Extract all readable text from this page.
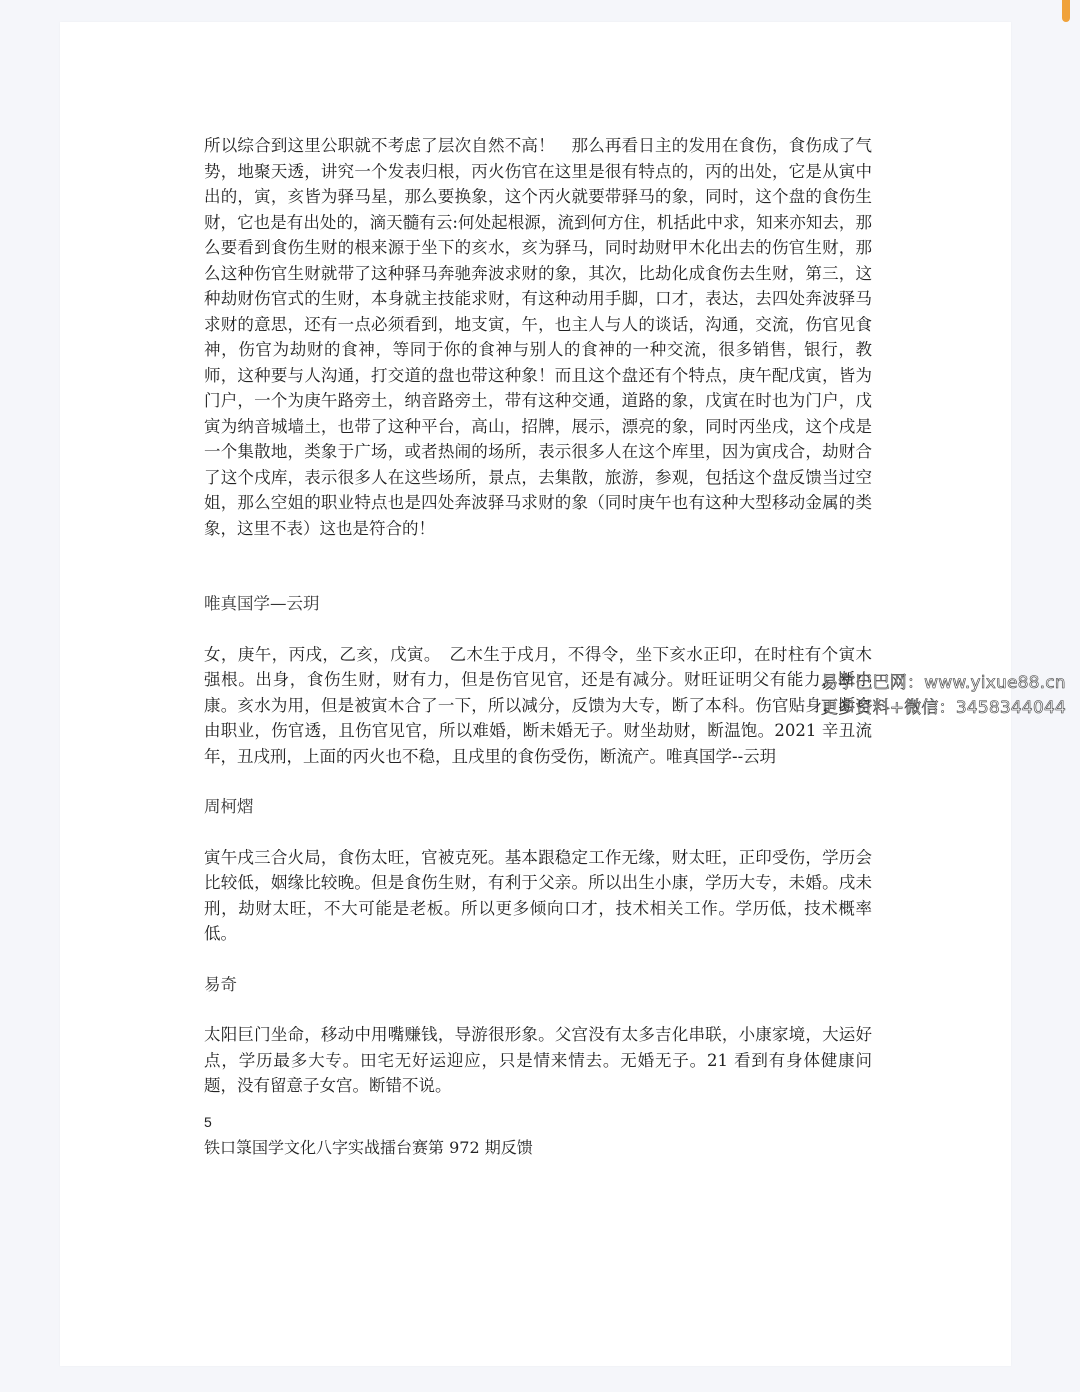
所以综合到这里公职就不考虑了层次自然不高！　那么再看日主的发用在食伤，食伤成了气势，地聚天透，讲究一个发表归根，丙火伤官在这里是很有特点的，丙的出处，它是从寅中出的，寅，亥皆为驿马星，那么要换象，这个丙火就要带驿马的象，同时，这个盘的食伤生财，它也是有出处的，滴天髓有云:何处起根源，流到何方住，机括此中求，知来亦知去，那么要看到食伤生财的根来源于坐下的亥水，亥为驿马，同时劫财甲木化出去的伤官生财，那么这种伤官生财就带了这种驿马奔驰奔波求财的象，其次，比劫化成食伤去生财，第三，这种劫财伤官式的生财，本身就主技能求财，有这种动用手脚，口才，表达，去四处奔波驿马求财的意思，还有一点必须看到，地支寅，午，也主人与人的谈话，沟通，交流，伤官见食神，伤官为劫财的食神，等同于你的食神与别人的食神的一种交流，很多销售，银行，教师，这种要与人沟通，打交道的盘也带这种象！而且这个盘还有个特点，庚午配戊寅，皆为门户，一个为庚午路旁土，纳音路旁土，带有这种交通，道路的象，戊寅在时也为门户，戊寅为纳音城墙土，也带了这种平台，高山，招牌，展示，漂亮的象，同时丙坐戌，这个戌是一个集散地，类象于广场，或者热闹的场所，表示很多人在这个库里，因为寅戌合，劫财合了这个戌库，表示很多人在这些场所，景点，去集散，旅游，参观，包括这个盘反馈当过空姐，那么空姐的职业特点也是四处奔波驿马求财的象（同时庚午也有这种大型移动金属的类象，这里不表）这也是符合的！

唯真国学—云玥

女，庚午，丙戌，乙亥，戊寅。　乙木生于戌月，不得令，坐下亥水正印，在时柱有个寅木强根。出身，食伤生财，财有力，但是伤官见官，还是有减分。财旺证明父有能力，断小康。亥水为用，但是被寅木合了一下，所以减分，反馈为大专，断了本科。伤官贴身，断自由职业，伤官透，且伤官见官，所以难婚，断未婚无子。财坐劫财，断温饱。2021 辛丑流年，丑戌刑，上面的丙火也不稳，且戌里的食伤受伤，断流产。唯真国学--云玥

周柯熠

寅午戌三合火局，食伤太旺，官被克死。基本跟稳定工作无缘，财太旺，正印受伤，学历会比较低，姻缘比较晚。但是食伤生财，有利于父亲。所以出生小康，学历大专，未婚。戌未刑，劫财太旺，不大可能是老板。所以更多倾向口才，技术相关工作。学历低，技术概率低。

易奇

太阳巨门坐命，移动中用嘴赚钱，导游很形象。父宫没有太多吉化串联，小康家境，大运好点，学历最多大专。田宅无好运迎应，只是情来情去。无婚无子。21 看到有身体健康问题，没有留意子女宫。断错不说。

5
铁口箓国学文化八字实战擂台赛第 972 期反馈
易学巴巴网：www.yixue88.cn
更多资料+微信：3458344044
